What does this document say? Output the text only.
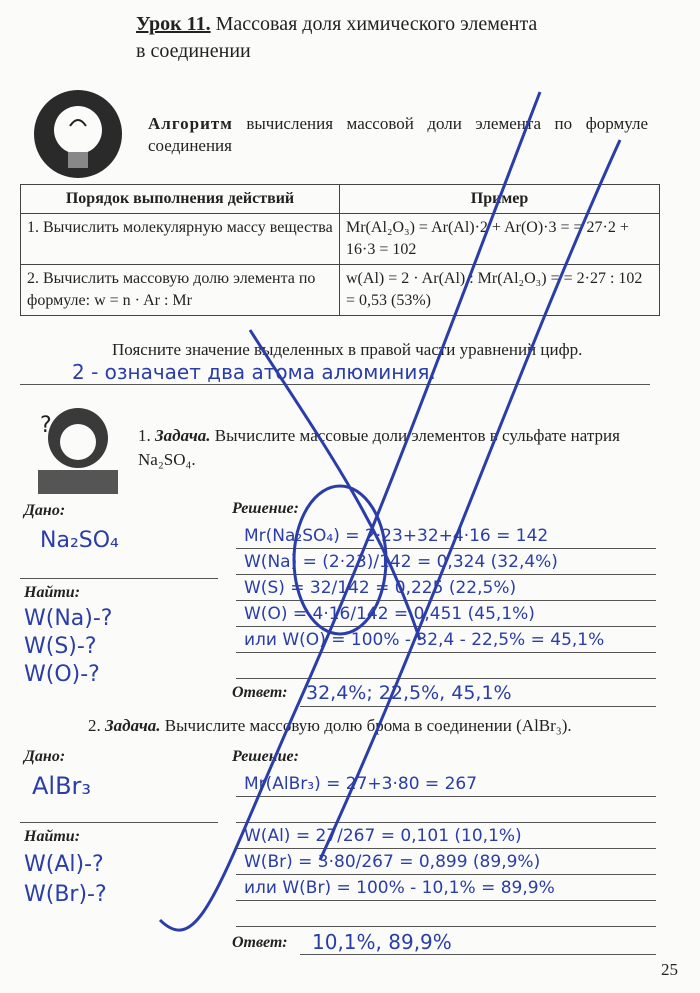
Урок 11. Массовая доля химического элемента
в соединении
Алгоритм вычисления массовой доли элемента по формуле соединения
Порядок выполнения действий	Пример
1. Вычислить молекулярную массу вещества	Mr(Al₂O₃) = Ar(Al)·2 + Ar(O)·3 = = 27·2 + 16·3 = 102
2. Вычислить массовую долю элемента по формуле: w = n · Ar : Mr	w(Al) = 2 · Ar(Al) : Mr(Al₂O₃) = = 2·27 : 102 = 0,53 (53%)
Поясните значение выделенных в правой части уравнений цифр.
2 - означает два атома алюминия.
?	1. Задача. Вычислите массовые доли элементов в сульфате натрия Na₂SO₄.
Дано:
Na₂SO₄
Найти:
W(Na)-?
W(S)-?
W(O)-?
Решение:
Mr(Na₂SO₄) = 2·23+32+4·16 = 142
W(Na) = (2·23)/142 = 0,324 (32,4%)
W(S) = 32/142 = 0,225 (22,5%)
W(O) = 4·16/142 = 0,451 (45,1%)
или W(O) = 100% - 32,4 - 22,5% = 45,1%
Ответ: 32,4%; 22,5%, 45,1%
2. Задача. Вычислите массовую долю брома в соединении (AlBr₃).
Дано:
AlBr₃
Найти:
W(Al)-?
W(Br)-?
Решение:
Mr(AlBr₃) = 27+3·80 = 267
W(Al) = 27/267 = 0,101 (10,1%)
W(Br) = 3·80/267 = 0,899 (89,9%)
или W(Br) = 100% - 10,1% = 89,9%
Ответ: 10,1%, 89,9%
25
